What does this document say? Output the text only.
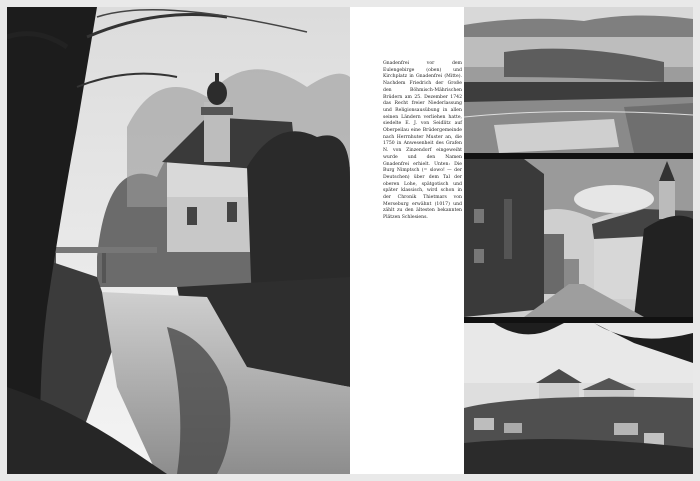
Gnadenfrei vor dem Eulengebirge (oben) und Kirchplatz in Gnadenfrei (Mitte). Nachdem Friedrich der Große den Böhmisch-Mährischen Brüdern am 25. Dezember 1742 das Recht freier Niederlassung und Religionsausübung in allen seinen Ländern verliehen hatte, siedelte E. J. von Seidlitz auf Oberpeilau eine Brüdergemeinde nach Herrnhuter Muster an, die 1750 in Anwesenheit des Grafen N. von Zinzendorf eingeweiht wurde und den Namen Gnadenfrei erhielt. Unten: Die Burg Nimptsch (= slowo! — der Deutschen) über dem Tal der oberen Lohe, spätgotisch und später klassisch, wird schon in der Chronik Thietmars von Merseburg erwähnt (1017) und zählt zu den ältesten bekannten Plätzen Schlesiens.
